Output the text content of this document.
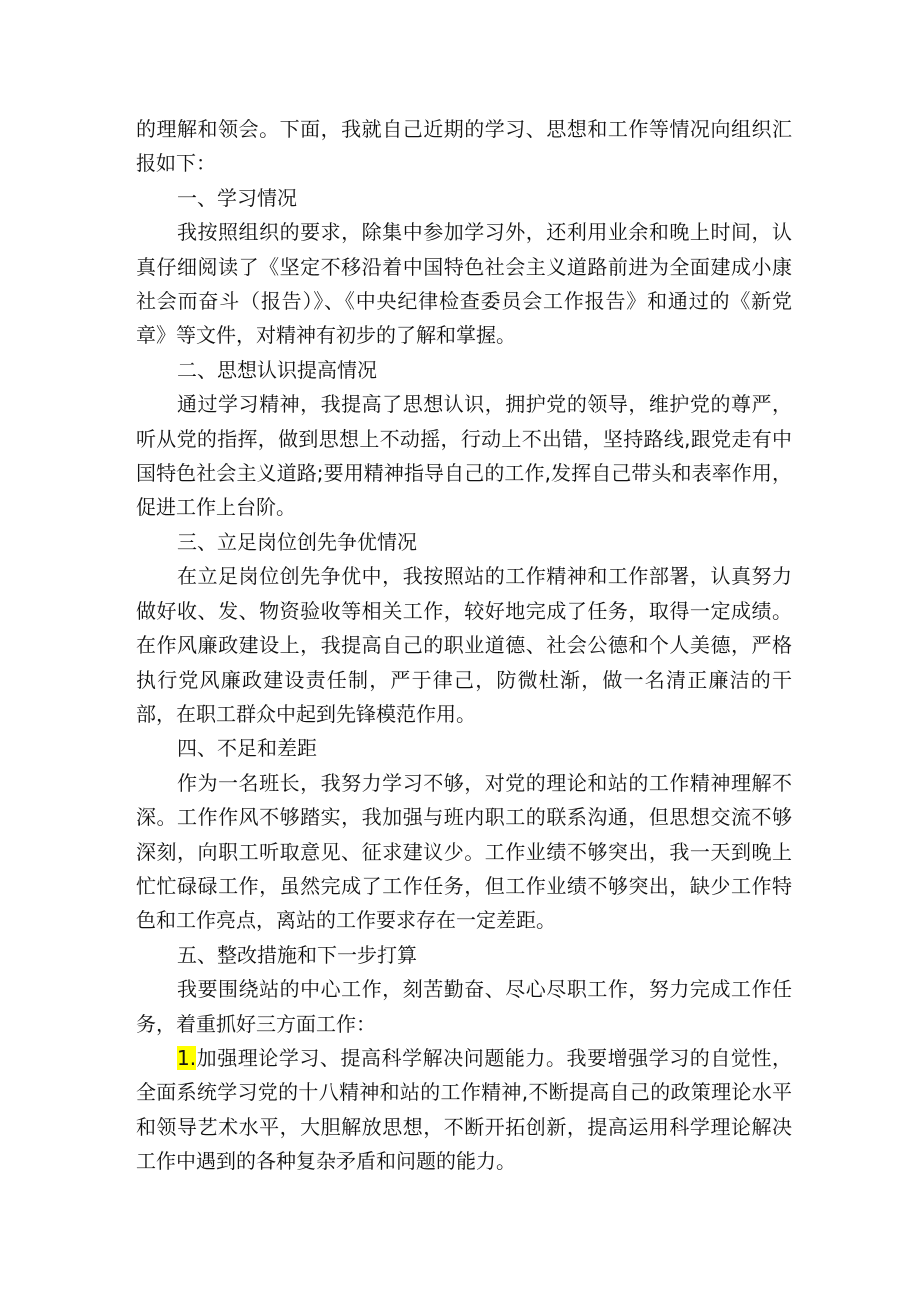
的理解和领会。下面，我就自己近期的学习、思想和工作等情况向组织汇报如下：

一、学习情况

我按照组织的要求，除集中参加学习外，还利用业余和晚上时间，认真仔细阅读了《坚定不移沿着中国特色社会主义道路前进为全面建成小康社会而奋斗（报告）》、《中央纪律检查委员会工作报告》和通过的《新党章》等文件，对精神有初步的了解和掌握。

二、思想认识提高情况

通过学习精神，我提高了思想认识，拥护党的领导，维护党的尊严，听从党的指挥，做到思想上不动摇，行动上不出错，坚持路线,跟党走有中国特色社会主义道路;要用精神指导自己的工作,发挥自己带头和表率作用，促进工作上台阶。

三、立足岗位创先争优情况

在立足岗位创先争优中，我按照站的工作精神和工作部署，认真努力做好收、发、物资验收等相关工作，较好地完成了任务，取得一定成绩。在作风廉政建设上，我提高自己的职业道德、社会公德和个人美德，严格执行党风廉政建设责任制，严于律己，防微杜渐，做一名清正廉洁的干部，在职工群众中起到先锋模范作用。

四、不足和差距

作为一名班长，我努力学习不够，对党的理论和站的工作精神理解不深。工作作风不够踏实，我加强与班内职工的联系沟通，但思想交流不够深刻，向职工听取意见、征求建议少。工作业绩不够突出，我一天到晚上忙忙碌碌工作，虽然完成了工作任务，但工作业绩不够突出，缺少工作特色和工作亮点，离站的工作要求存在一定差距。

五、整改措施和下一步打算

我要围绕站的中心工作，刻苦勤奋、尽心尽职工作，努力完成工作任务，着重抓好三方面工作：

1.加强理论学习、提高科学解决问题能力。我要增强学习的自觉性，全面系统学习党的十八精神和站的工作精神,不断提高自己的政策理论水平和领导艺术水平，大胆解放思想，不断开拓创新，提高运用科学理论解决工作中遇到的各种复杂矛盾和问题的能力。
